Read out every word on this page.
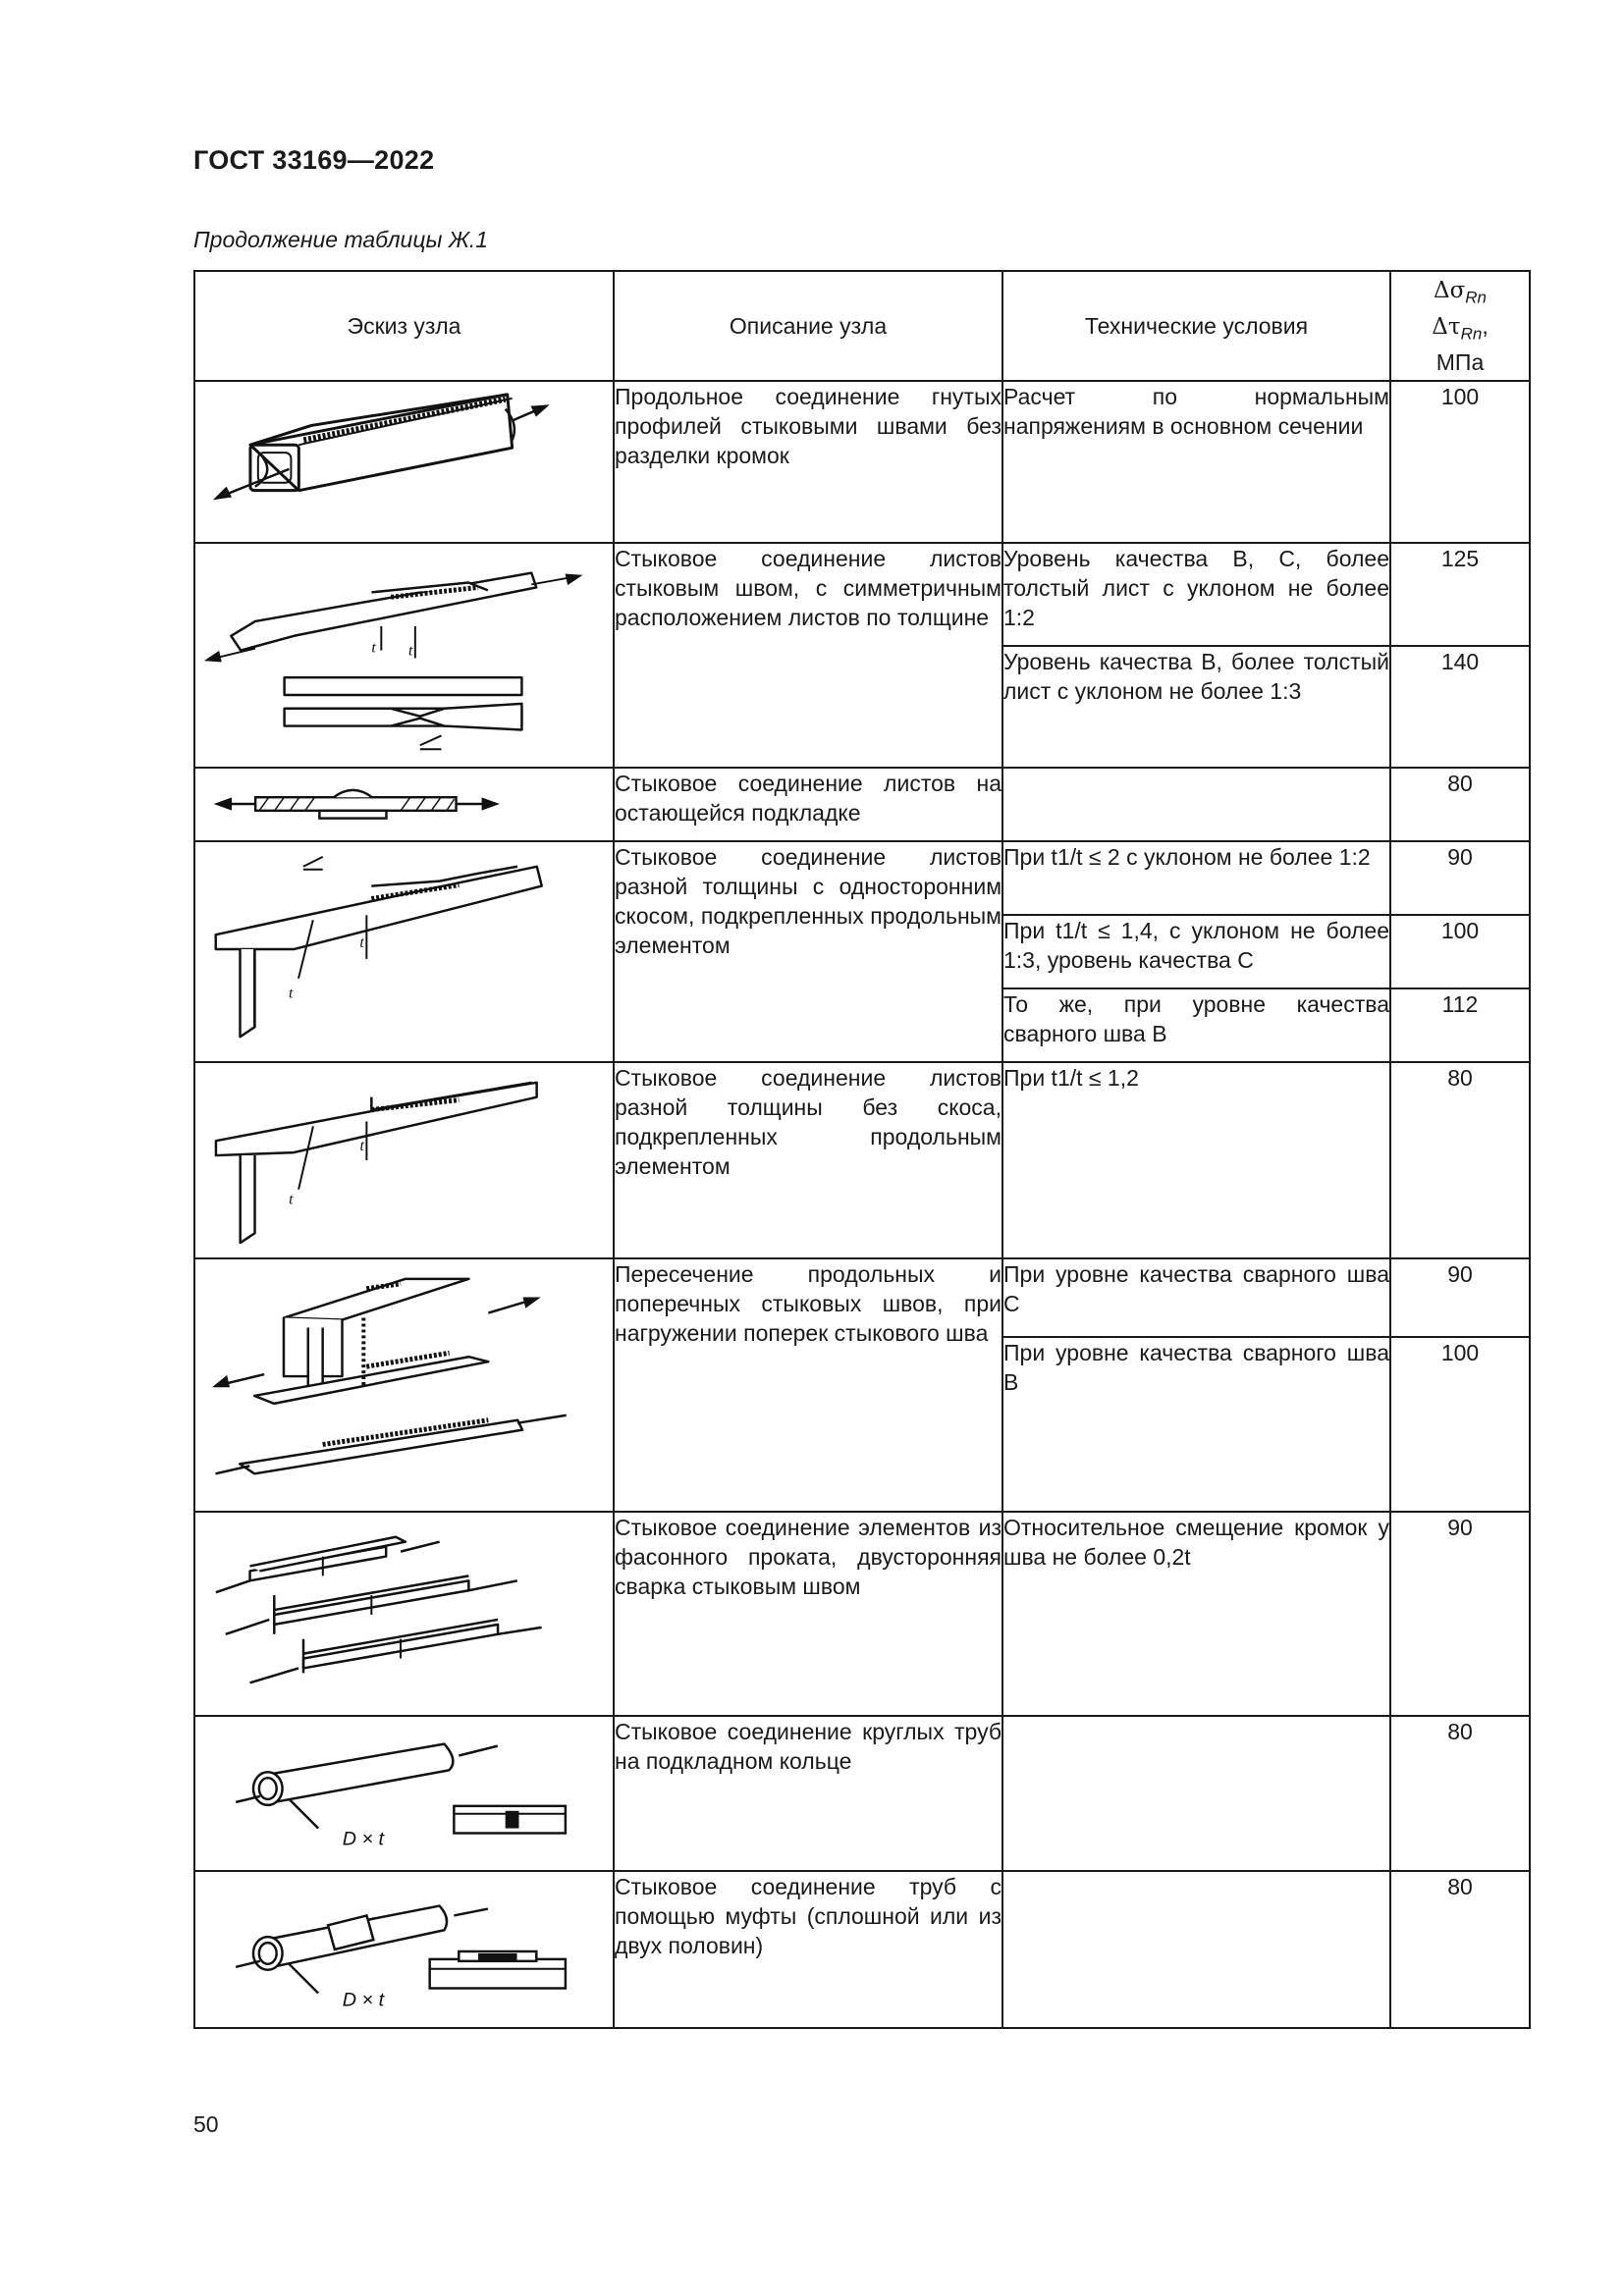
ГОСТ 33169—2022
Продолжение таблицы Ж.1
Эскиз узла	Описание узла	Технические условия	$\Delta\sigma_{Rn}$
$\Delta\tau_{Rn}$,
МПа

	Продольное соединение гнутых профилей стыковыми швами без разделки кромок	Расчет по нормальным напряжениям в основном сечении	100

t t	Стыковое соединение листов стыковым швом, с симметричным расположением листов по толщине	Уровень качества B, C, более толстый лист с уклоном не более 1:2	125
		Уровень качества B, более толстый лист с уклоном не более 1:3	140

	Стыковое соединение листов на остающейся подкладке		80

t
t	Стыковое соединение листов разной толщины с односторонним скосом, подкрепленных продольным элементом	При t1/t ≤ 2 с уклоном не более 1:2	90
		При t1/t ≤ 1,4, с уклоном не более 1:3, уровень качества C	100
		То же, при уровне качества сварного шва B	112

t
t	Стыковое соединение листов разной толщины без скоса, подкрепленных продольным элементом	При t1/t ≤ 1,2	80

	Пересечение продольных и поперечных стыковых швов, при нагружении поперек стыкового шва	При уровне качества сварного шва C	90
		При уровне качества сварного шва B	100

	Стыковое соединение элементов из фасонного проката, двусторонняя сварка стыковым швом	Относительное смещение кромок у шва не более 0,2t	90

D × t	Стыковое соединение круглых труб на подкладном кольце		80

D × t	Стыковое соединение труб с помощью муфты (сплошной или из двух половин)		80
50
